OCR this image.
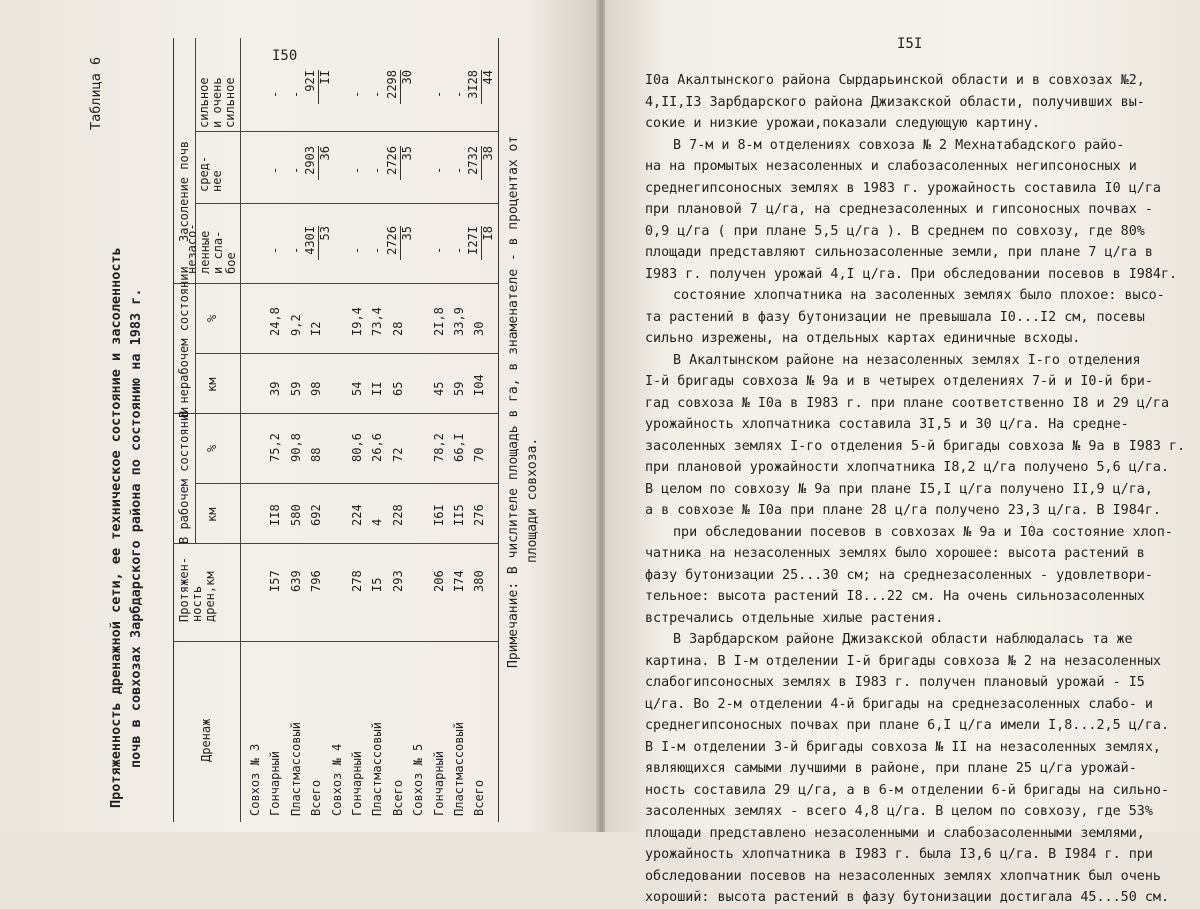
I50
Таблица 6
Протяженность дренажной сети, ее техническое состояние и засоленность почв в совхозах Зарбдарского района по состоянию на 1983 г.	Дренаж
Протяжен- ность дрен,км
В рабочем состоянии
В нерабочем состоянии
Засоление почв
км
%
км
%
незасо- ленные и сла- бое
сред- нее
сильное и очень сильное
Совхоз № 3 Гончарный
I57
II8
75,2
39
24,8
-
-
-
Пластмассовый
639
580
90,8
59
9,2
-
-
-
Всего
796
692
88
98
I2
430I 53
2903 36
92I II
Совхоз № 4 Гончарный
278
224
80,6
54
I9,4
-
-
-
Пластмассовый
I5
4
26,6
II
73,4
-
-
-
Всего
293
228
72
65
28
2726 35
2726 35
2298 30
Совхоз № 5 Гончарный
206
I6I
78,2
45
2I,8
-
-
-
Пластмассовый
I74
II5
66,I
59
33,9
-
-
-
Всего
380
276
70
I04
30
I27I I8
2732 38
3I28 44
Примечание: В числителе площадь в га, в знаменателе - в процентах от площади совхоза.
I5I
I0а Акалтынского района Сырдарьинской области и в совхозах №2,
4,II,I3 Зарбдарского района Джизакской области, получивших вы-
сокие и низкие урожаи,показали следующую картину.
В 7-м и 8-м отделениях совхоза № 2 Мехнатабадского райо-
на на промытых незасоленных и слабозасоленных негипсоносных и
среднегипсоносных землях в 1983 г. урожайность составила I0 ц/га
при плановой 7 ц/га, на среднезасоленных и гипсоносных почвах -
0,9 ц/га ( при плане 5,5 ц/га ). В среднем по совхозу, где 80%
площади представляют сильнозасоленные земли, при плане 7 ц/га в
I983 г. получен урожай 4,I ц/га. При обследовании посевов в I984г.
состояние хлопчатника на засоленных землях было плохое: высо-
та растений в фазу бутонизации не превышала I0...I2 см, посевы
сильно изрежены, на отдельных картах единичные всходы.
В Акалтынском районе на незасоленных землях I-го отделения
I-й бригады совхоза № 9а и в четырех отделениях 7-й и I0-й бри-
гад совхоза № I0а в I983 г. при плане соответственно I8 и 29 ц/га
урожайность хлопчатника составила 3I,5 и 30 ц/га. На средне-
засоленных землях I-го отделения 5-й бригады совхоза № 9а в I983 г.
при плановой урожайности хлопчатника I8,2 ц/га получено 5,6 ц/га.
В целом по совхозу № 9а при плане I5,I ц/га получено II,9 ц/га,
а в совхозе № I0а при плане 28 ц/га получено 23,3 ц/га. В I984г.
при обследовании посевов в совхозах № 9а и I0а состояние хлоп-
чатника на незасоленных землях было хорошее: высота растений в
фазу бутонизации 25...30 см; на среднезасоленных - удовлетвори-
тельное: высота растений I8...22 см. На очень сильнозасоленных
встречались отдельные хилые растения.
В Зарбдарском районе Джизакской области наблюдалась та же
картина. В I-м отделении I-й бригады совхоза № 2 на незасоленных
слабогипсоносных землях в I983 г. получен плановый урожай - I5
ц/га. Во 2-м отделении 4-й бригады на среднезасоленных слабо- и
среднегипсоносных почвах при плане 6,I ц/га имели I,8...2,5 ц/га.
В I-м отделении 3-й бригады совхоза № II на незасоленных землях,
являющихся самыми лучшими в районе, при плане 25 ц/га урожай-
ность составила 29 ц/га, а в 6-м отделении 6-й бригады на сильно-
засоленных землях - всего 4,8 ц/га. В целом по совхозу, где 53%
площади представлено незасоленными и слабозасоленными землями,
урожайность хлопчатника в I983 г. была I3,6 ц/га. В I984 г. при
обследовании посевов на незасоленных землях хлопчатник был очень
хороший: высота растений в фазу бутонизации достигала 45...50 см.
